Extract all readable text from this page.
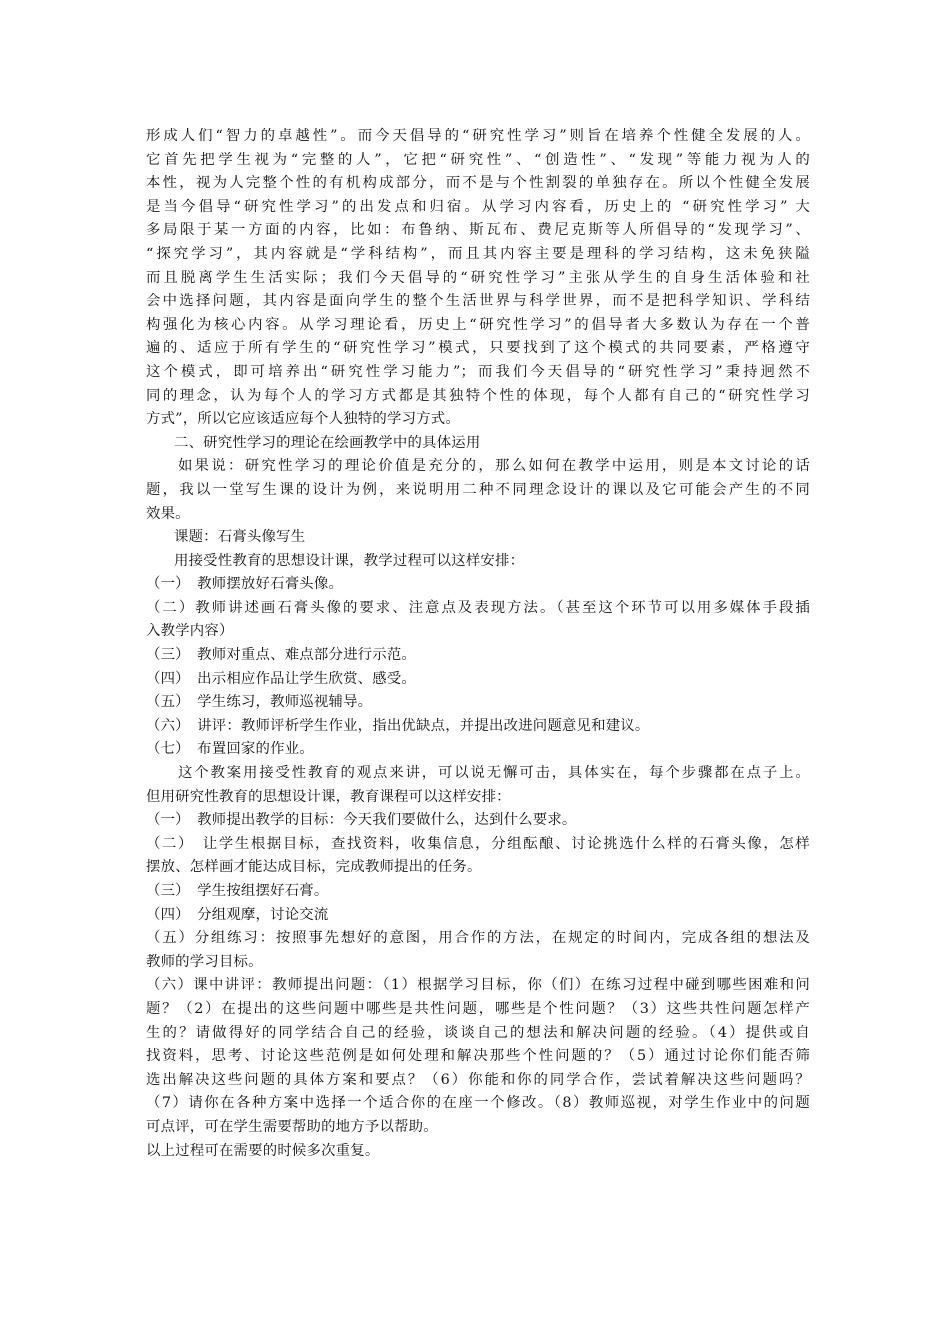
形成人们“智力的卓越性”。而今天倡导的“研究性学习”则旨在培养个性健全发展的人。
它首先把学生视为“完整的人”，它把“研究性”、“创造性”、“发现”等能力视为人的
本性，视为人完整个性的有机构成部分，而不是与个性割裂的单独存在。所以个性健全发展
是当今倡导“研究性学习”的出发点和归宿。从学习内容看，历史上的 “研究性学习” 大
多局限于某一方面的内容，比如：布鲁纳、斯瓦布、费尼克斯等人所倡导的“发现学习”、
“探究学习”，其内容就是“学科结构”，而且其内容主要是理科的学习结构，这未免狭隘
而且脱离学生生活实际；我们今天倡导的“研究性学习”主张从学生的自身生活体验和社
会中选择问题，其内容是面向学生的整个生活世界与科学世界，而不是把科学知识、学科结
构强化为核心内容。从学习理论看，历史上“研究性学习”的倡导者大多数认为存在一个普
遍的、适应于所有学生的“研究性学习”模式，只要找到了这个模式的共同要素，严格遵守
这个模式，即可培养出“研究性学习能力”；而我们今天倡导的“研究性学习”秉持迥然不
同的理念，认为每个人的学习方式都是其独特个性的体现，每个人都有自己的“研究性学习
方式”，所以它应该适应每个人独特的学习方式。
二、研究性学习的理论在绘画教学中的具体运用
如果说：研究性学习的理论价值是充分的，那么如何在教学中运用，则是本文讨论的话
题，我以一堂写生课的设计为例，来说明用二种不同理念设计的课以及它可能会产生的不同
效果。
课题：石膏头像写生
用接受性教育的思想设计课，教学过程可以这样安排：
（一）　教师摆放好石膏头像。
（二）教师讲述画石膏头像的要求、注意点及表现方法。（甚至这个环节可以用多媒体手段插
入教学内容）
（三）　教师对重点、难点部分进行示范。
（四）　出示相应作品让学生欣赏、感受。
（五）　学生练习，教师巡视辅导。
（六）　讲评：教师评析学生作业，指出优缺点，并提出改进问题意见和建议。
（七）　布置回家的作业。
这个教案用接受性教育的观点来讲，可以说无懈可击，具体实在，每个步骤都在点子上。
但用研究性教育的思想设计课，教育课程可以这样安排：
（一）　教师提出教学的目标：今天我们要做什么，达到什么要求。
（二）　让学生根据目标，查找资料，收集信息，分组酝酿、讨论挑选什么样的石膏头像，怎样
摆放、怎样画才能达成目标，完成教师提出的任务。
（三）　学生按组摆好石膏。
（四）　分组观摩，讨论交流
（五）分组练习：按照事先想好的意图，用合作的方法，在规定的时间内，完成各组的想法及
教师的学习目标。
（六）课中讲评：教师提出问题：（1）根据学习目标，你（们）在练习过程中碰到哪些困难和问
题？（2）在提出的这些问题中哪些是共性问题，哪些是个性问题？（3）这些共性问题怎样产
生的？请做得好的同学结合自己的经验，谈谈自己的想法和解决问题的经验。（4）提供或自
找资料，思考、讨论这些范例是如何处理和解决那些个性问题的？（5）通过讨论你们能否筛
选出解决这些问题的具体方案和要点？（6）你能和你的同学合作，尝试着解决这些问题吗？
（7）请你在各种方案中选择一个适合你的在座一个修改。（8）教师巡视，对学生作业中的问题
可点评，可在学生需要帮助的地方予以帮助。
以上过程可在需要的时候多次重复。
